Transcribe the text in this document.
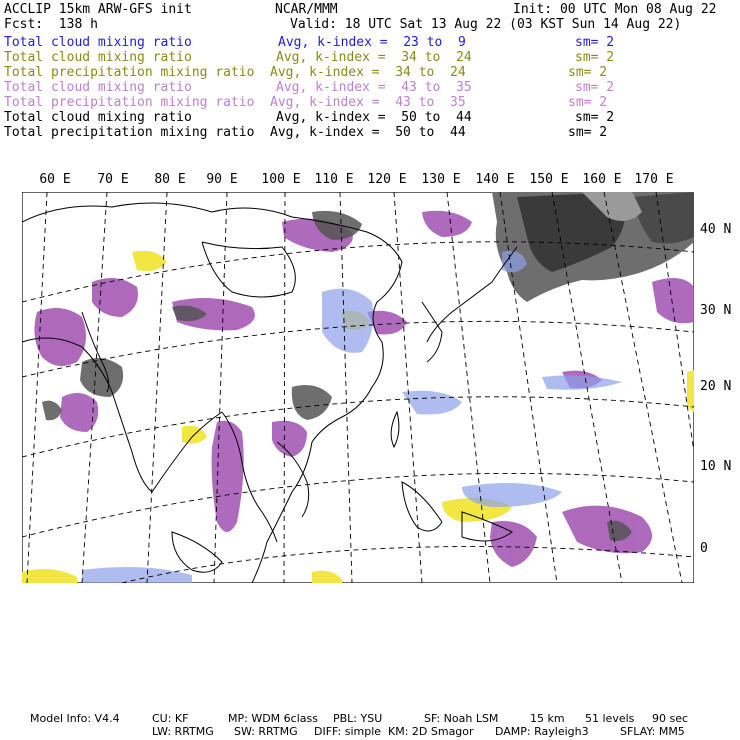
ACCLIP 15km ARW-GFS init	NCAR/MMM	Init: 00 UTC Mon 08 Aug 22
Fcst:  138 h	Valid: 18 UTC Sat 13 Aug 22 (03 KST Sun 14 Aug 22)
Total cloud mixing ratio	Avg, k-index =  23 to  9	sm= 2
Total cloud mixing ratio	Avg, k-index =  34 to  24	sm= 2
Total precipitation mixing ratio Avg, k-index =  34 to  24	sm= 2
Total cloud mixing ratio	Avg, k-index =  43 to  35	sm= 2
Total precipitation mixing ratio Avg, k-index =  43 to  35	sm= 2
Total cloud mixing ratio	Avg, k-index =  50 to  44	sm= 2
Total precipitation mixing ratio Avg, k-index =  50 to  44	sm= 2
60 E 70 E 80 E 90 E 100 E 110 E 120 E 130 E 140 E 150 E 160 E 170 E
40 N
30 N
20 N
10 N
0
Model Info: V4.4	CU: KF	MP: WDM 6class PBL: YSU	SF: Noah LSM	15 km 51 levels 90 sec
LW: RRTMG SW: RRTMG DIFF: simple KM: 2D Smagor DAMP: Rayleigh3	SFLAY: MM5
